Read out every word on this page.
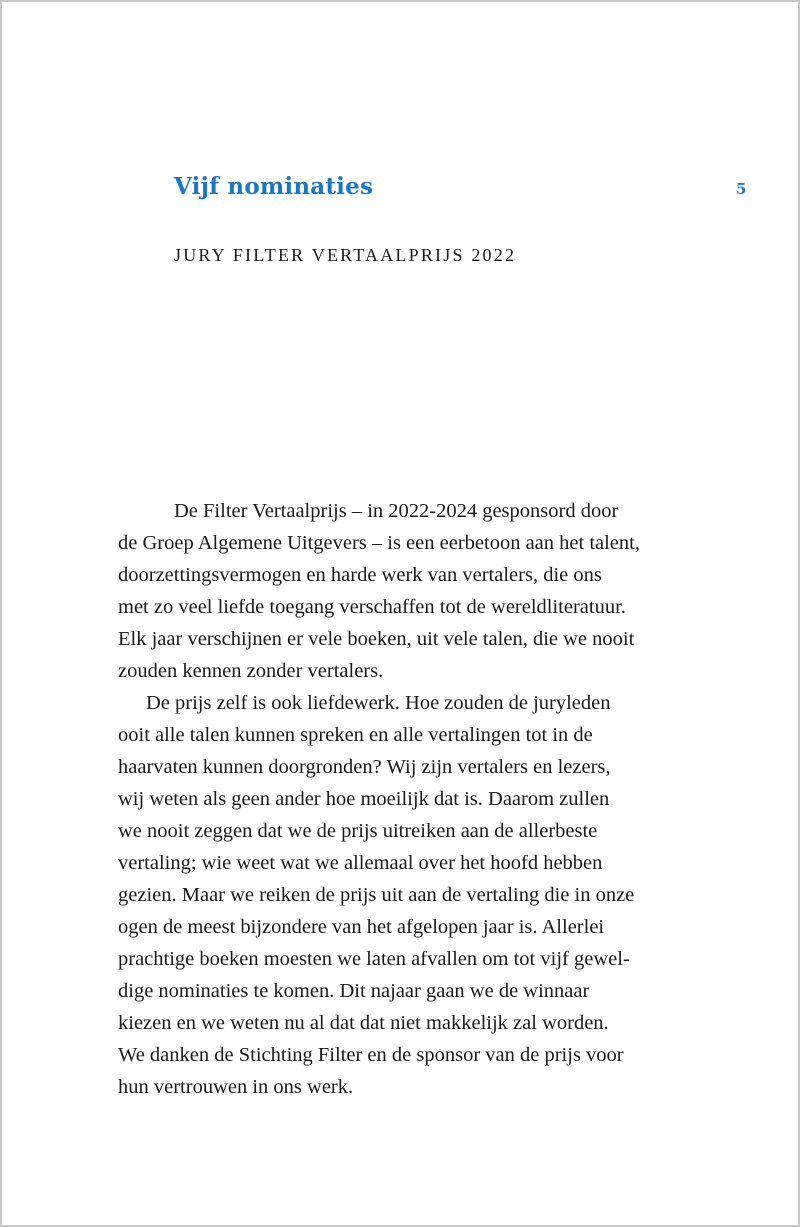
Vijf nominaties	5
JURY FILTER VERTAALPRIJS 2022
De Filter Vertaalprijs – in 2022-2024 gesponsord door
de Groep Algemene Uitgevers – is een eerbetoon aan het talent,
doorzettingsvermogen en harde werk van vertalers, die ons
met zo veel liefde toegang verschaffen tot de wereldliteratuur.
Elk jaar verschijnen er vele boeken, uit vele talen, die we nooit
zouden kennen zonder vertalers.
De prijs zelf is ook liefdewerk. Hoe zouden de juryleden
ooit alle talen kunnen spreken en alle vertalingen tot in de
haarvaten kunnen doorgronden? Wij zijn vertalers en lezers,
wij weten als geen ander hoe moeilijk dat is. Daarom zullen
we nooit zeggen dat we de prijs uitreiken aan de allerbeste
vertaling; wie weet wat we allemaal over het hoofd hebben
gezien. Maar we reiken de prijs uit aan de vertaling die in onze
ogen de meest bijzondere van het afgelopen jaar is. Allerlei
prachtige boeken moesten we laten afvallen om tot vijf gewel-
dige nominaties te komen. Dit najaar gaan we de winnaar
kiezen en we weten nu al dat dat niet makkelijk zal worden.
We danken de Stichting Filter en de sponsor van de prijs voor
hun vertrouwen in ons werk.
